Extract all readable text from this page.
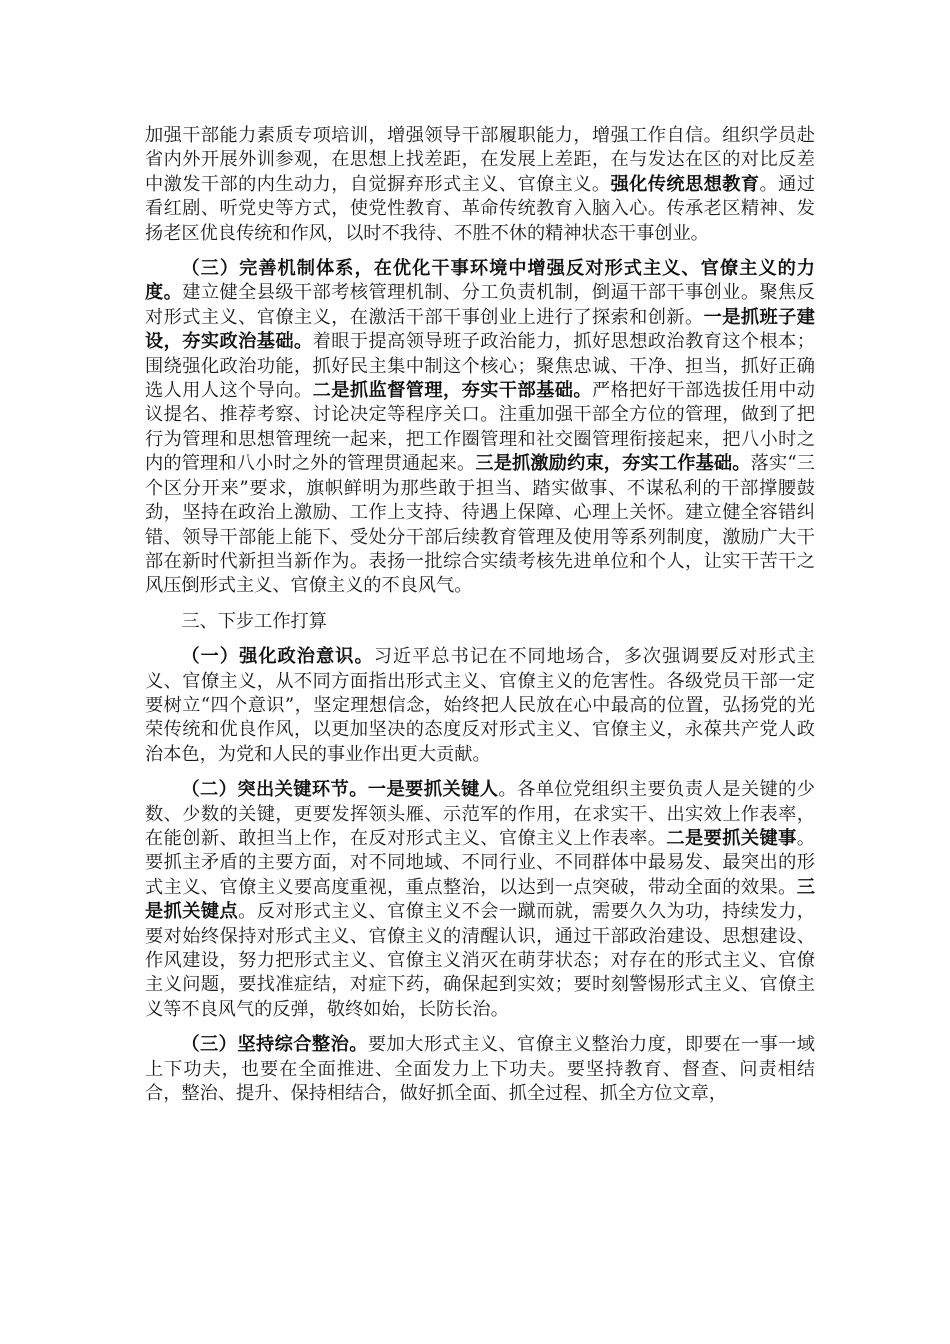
加强干部能力素质专项培训，增强领导干部履职能力，增强工作自信。组织学员赴省内外开展外训参观，在思想上找差距，在发展上差距，在与发达在区的对比反差中激发干部的内生动力，自觉摒弃形式主义、官僚主义。强化传统思想教育。通过看红剧、听党史等方式，使党性教育、革命传统教育入脑入心。传承老区精神、发扬老区优良传统和作风，以时不我待、不胜不休的精神状态干事创业。

（三）完善机制体系，在优化干事环境中增强反对形式主义、官僚主义的力度。建立健全县级干部考核管理机制、分工负责机制，倒逼干部干事创业。聚焦反对形式主义、官僚主义，在激活干部干事创业上进行了探索和创新。一是抓班子建设，夯实政治基础。着眼于提高领导班子政治能力，抓好思想政治教育这个根本；围绕强化政治功能，抓好民主集中制这个核心；聚焦忠诚、干净、担当，抓好正确选人用人这个导向。二是抓监督管理，夯实干部基础。严格把好干部选拔任用中动议提名、推荐考察、讨论决定等程序关口。注重加强干部全方位的管理，做到了把行为管理和思想管理统一起来，把工作圈管理和社交圈管理衔接起来，把八小时之内的管理和八小时之外的管理贯通起来。三是抓激励约束，夯实工作基础。落实“三个区分开来”要求，旗帜鲜明为那些敢于担当、踏实做事、不谋私利的干部撑腰鼓劲，坚持在政治上激励、工作上支持、待遇上保障、心理上关怀。建立健全容错纠错、领导干部能上能下、受处分干部后续教育管理及使用等系列制度，激励广大干部在新时代新担当新作为。表扬一批综合实绩考核先进单位和个人，让实干苦干之风压倒形式主义、官僚主义的不良风气。

三、下步工作打算

（一）强化政治意识。习近平总书记在不同地场合，多次强调要反对形式主义、官僚主义，从不同方面指出形式主义、官僚主义的危害性。各级党员干部一定要树立“四个意识”，坚定理想信念，始终把人民放在心中最高的位置，弘扬党的光荣传统和优良作风，以更加坚决的态度反对形式主义、官僚主义，永葆共产党人政治本色，为党和人民的事业作出更大贡献。

（二）突出关键环节。一是要抓关键人。各单位党组织主要负责人是关键的少数、少数的关键，更要发挥领头雁、示范军的作用，在求实干、出实效上作表率，在能创新、敢担当上作，在反对形式主义、官僚主义上作表率。二是要抓关键事。要抓主矛盾的主要方面，对不同地域、不同行业、不同群体中最易发、最突出的形式主义、官僚主义要高度重视，重点整治，以达到一点突破，带动全面的效果。三是抓关键点。反对形式主义、官僚主义不会一蹴而就，需要久久为功，持续发力，要对始终保持对形式主义、官僚主义的清醒认识，通过干部政治建设、思想建设、作风建设，努力把形式主义、官僚主义消灭在萌芽状态；对存在的形式主义、官僚主义问题，要找准症结，对症下药，确保起到实效；要时刻警惕形式主义、官僚主义等不良风气的反弹，敬终如始，长防长治。

（三）坚持综合整治。要加大形式主义、官僚主义整治力度，即要在一事一域上下功夫，也要在全面推进、全面发力上下功夫。要坚持教育、督查、问责相结合，整治、提升、保持相结合，做好抓全面、抓全过程、抓全方位文章，
